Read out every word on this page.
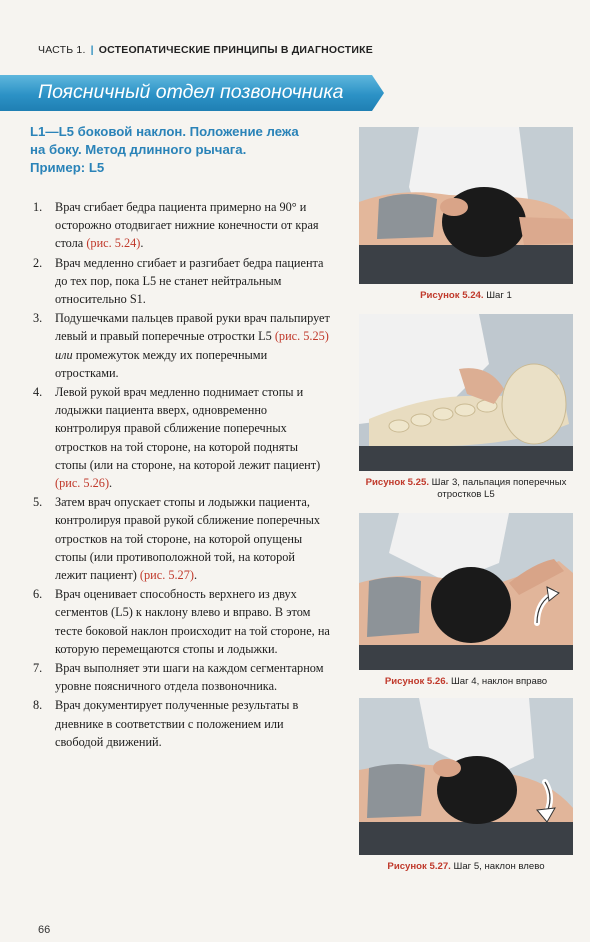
ЧАСТЬ 1. | ОСТЕОПАТИЧЕСКИЕ ПРИНЦИПЫ В ДИАГНОСТИКЕ
Поясничный отдел позвоночника
L1—L5 боковой наклон. Положение лежа
на боку. Метод длинного рычага.
Пример: L5
1. Врач сгибает бедра пациента примерно на 90° и осторожно отодвигает нижние конечности от края стола (рис. 5.24).
2. Врач медленно сгибает и разгибает бедра пациента до тех пор, пока L5 не станет нейтральным относительно S1.
3. Подушечками пальцев правой руки врач пальпирует левый и правый поперечные отростки L5 (рис. 5.25) или промежуток между их поперечными отростками.
4. Левой рукой врач медленно поднимает стопы и лодыжки пациента вверх, одновременно контролируя правой сближение поперечных отростков на той стороне, на которой подняты стопы (или на стороне, на которой лежит пациент) (рис. 5.26).
5. Затем врач опускает стопы и лодыжки пациента, контролируя правой рукой сближение поперечных отростков на той стороне, на которой опущены стопы (или противоположной той, на которой лежит пациент) (рис. 5.27).
6. Врач оценивает способность верхнего из двух сегментов (L5) к наклону влево и вправо. В этом тесте боковой наклон происходит на той стороне, на которую перемещаются стопы и лодыжки.
7. Врач выполняет эти шаги на каждом сегментарном уровне поясничного отдела позвоночника.
8. Врач документирует полученные результаты в дневнике в соответствии с положением или свободой движений.
Рисунок 5.24. Шаг 1
Рисунок 5.25. Шаг 3, пальпация поперечных отростков L5
Рисунок 5.26. Шаг 4, наклон вправо
Рисунок 5.27. Шаг 5, наклон влево
66
